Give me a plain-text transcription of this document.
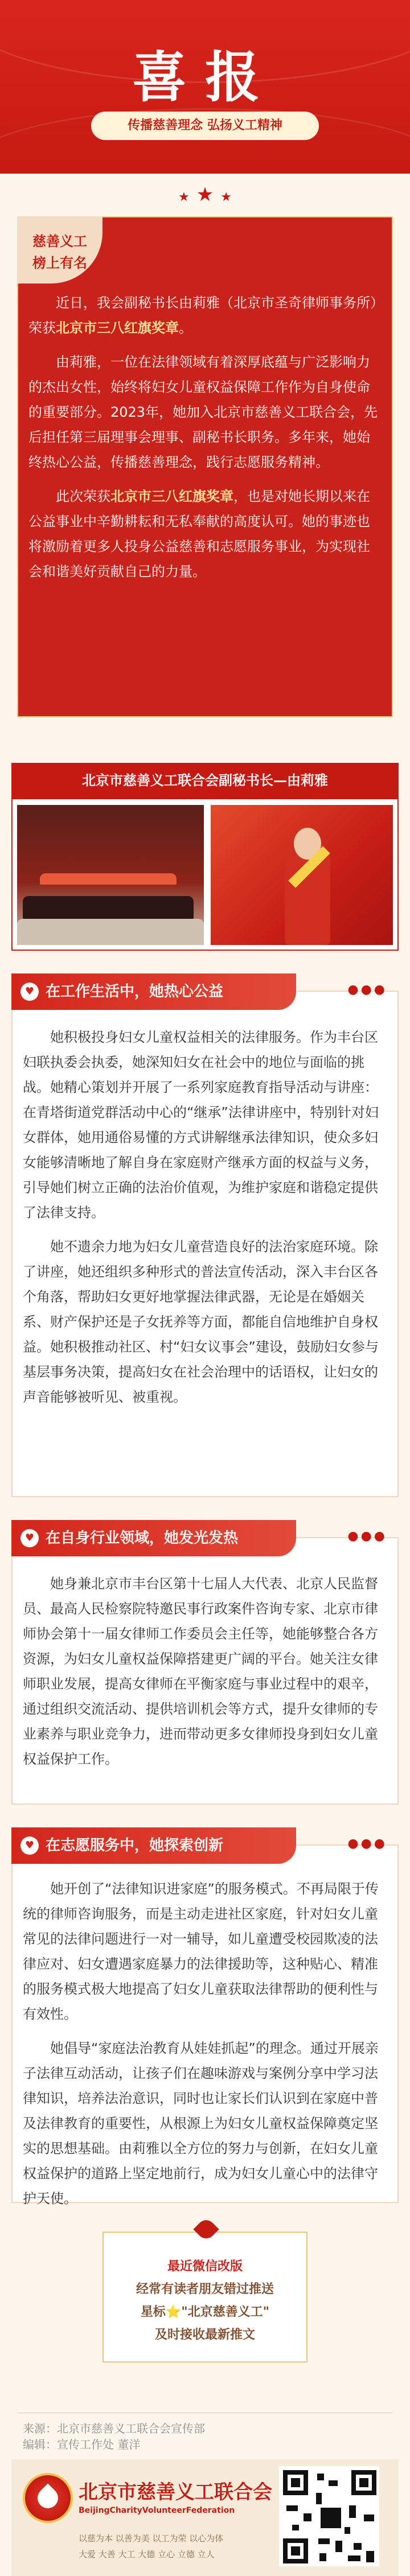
喜报
传播慈善理念 弘扬义工精神
★ ★ ★
慈善义工
榜上有名

近日，我会副秘书长由莉雅（北京市圣奇律师事务所）荣获北京市三八红旗奖章。

由莉雅，一位在法律领域有着深厚底蕴与广泛影响力的杰出女性，始终将妇女儿童权益保障工作作为自身使命的重要部分。2023年，她加入北京市慈善义工联合会，先后担任第三届理事会理事、副秘书长职务。多年来，她始终热心公益，传播慈善理念，践行志愿服务精神。

此次荣获北京市三八红旗奖章，也是对她长期以来在公益事业中辛勤耕耘和无私奉献的高度认可。她的事迹也将激励着更多人投身公益慈善和志愿服务事业，为实现社会和谐美好贡献自己的力量。

北京市慈善义工联合会副秘书长—由莉雅
♥ 在工作生活中，她热心公益	●●●

她积极投身妇女儿童权益相关的法律服务。作为丰台区妇联执委会执委，她深知妇女在社会中的地位与面临的挑战。她精心策划并开展了一系列家庭教育指导活动与讲座：在青塔街道党群活动中心的“继承”法律讲座中，特别针对妇女群体，她用通俗易懂的方式讲解继承法律知识，使众多妇女能够清晰地了解自身在家庭财产继承方面的权益与义务，引导她们树立正确的法治价值观，为维护家庭和谐稳定提供了法律支持。

她不遗余力地为妇女儿童营造良好的法治家庭环境。除了讲座，她还组织多种形式的普法宣传活动，深入丰台区各个角落，帮助妇女更好地掌握法律武器，无论是在婚姻关系、财产保护还是子女抚养等方面，都能自信地维护自身权益。她积极推动社区、村“妇女议事会”建设，鼓励妇女参与基层事务决策，提高妇女在社会治理中的话语权，让妇女的声音能够被听见、被重视。

♥ 在自身行业领域，她发光发热	●●●

她身兼北京市丰台区第十七届人大代表、北京人民监督员、最高人民检察院特邀民事行政案件咨询专家、北京市律师协会第十一届女律师工作委员会主任等，她能够整合各方资源，为妇女儿童权益保障搭建更广阔的平台。她关注女律师职业发展，提高女律师在平衡家庭与事业过程中的艰辛，通过组织交流活动、提供培训机会等方式，提升女律师的专业素养与职业竞争力，进而带动更多女律师投身到妇女儿童权益保护工作。

♥ 在志愿服务中，她探索创新	●●●

她开创了“法律知识进家庭”的服务模式。不再局限于传统的律师咨询服务，而是主动走进社区家庭，针对妇女儿童常见的法律问题进行一对一辅导，如儿童遭受校园欺凌的法律应对、妇女遭遇家庭暴力的法律援助等，这种贴心、精准的服务模式极大地提高了妇女儿童获取法律帮助的便利性与有效性。

她倡导“家庭法治教育从娃娃抓起”的理念。通过开展亲子法律互动活动，让孩子们在趣味游戏与案例分享中学习法律知识，培养法治意识，同时也让家长们认识到在家庭中普及法律教育的重要性，从根源上为妇女儿童权益保障奠定坚实的思想基础。由莉雅以全方位的努力与创新，在妇女儿童权益保护的道路上坚定地前行，成为妇女儿童心中的法律守护天使。

最近微信改版
经常有读者朋友错过推送
星标⭐"北京慈善义工"
及时接收最新推文
来源：北京市慈善义工联合会宣传部
编辑：宣传工作处 董洋
北京市慈善义工联合会
BeijingCharityVolunteerFederation
以慈为本 以善为美 以工为荣 以心为体
大爱 大善 大工 大德 立心 立德 立人
